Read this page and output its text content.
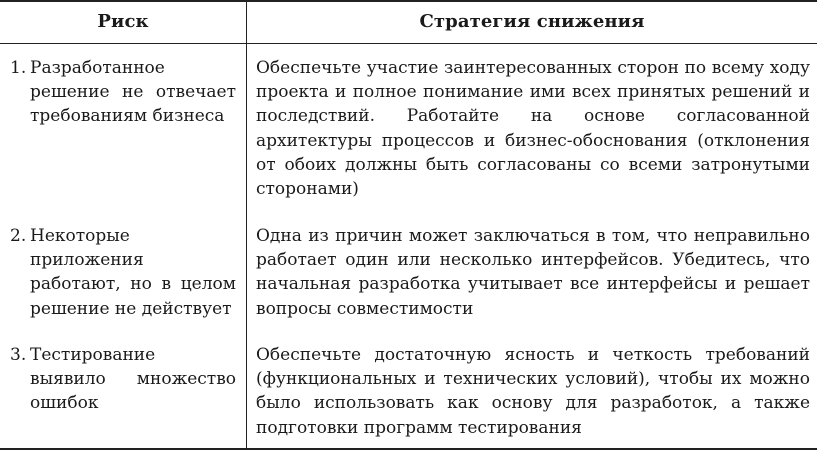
Риск	Стратегия снижения
1. Разработанное решение не отвечает требованиям бизнеса
Обеспечьте участие заинтересованных сторон по всему ходу проекта и полное понимание ими всех принятых решений и последствий. Работайте на основе согласованной архитектуры процессов и бизнес-обоснования (отклонения от обоих должны быть согласованы со всеми затронутыми сторонами)
2. Некоторые приложения работают, но в целом решение не действует
Одна из причин может заключаться в том, что неправильно работает один или несколько интерфейсов. Убедитесь, что начальная разработка учитывает все интерфейсы и решает вопросы совместимости
3. Тестирование выявило множество ошибок
Обеспечьте достаточную ясность и четкость требований (функциональных и технических условий), чтобы их можно было использовать как основу для разработок, а также подготовки программ тестирования
